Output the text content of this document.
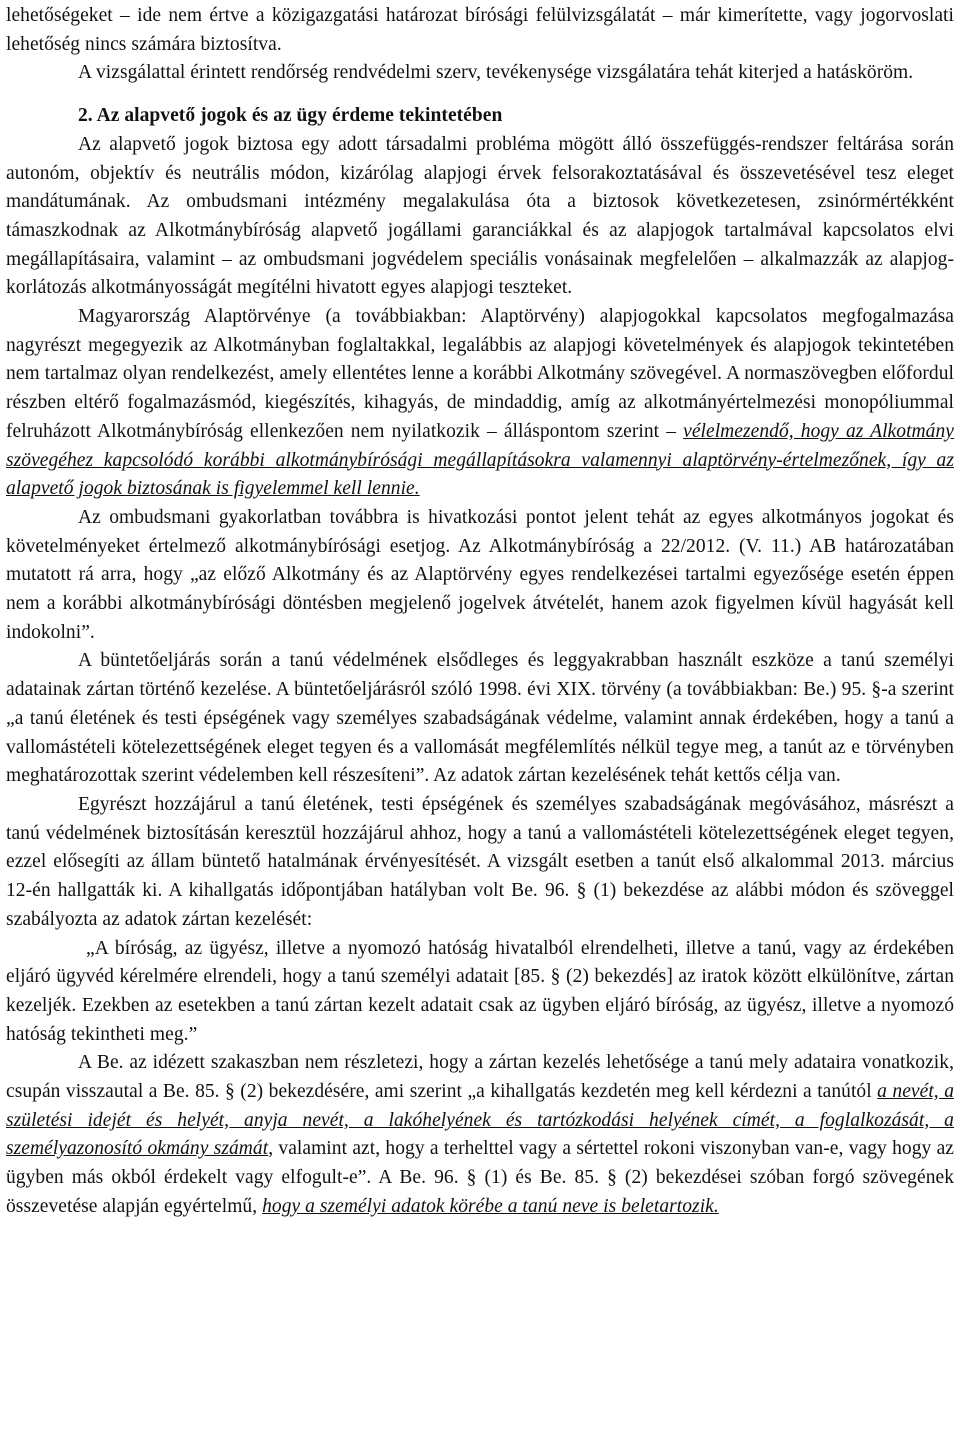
lehetőségeket – ide nem értve a közigazgatási határozat bírósági felülvizsgálatát – már kimerítette, vagy jogorvoslati lehetőség nincs számára biztosítva.

A vizsgálattal érintett rendőrség rendvédelmi szerv, tevékenysége vizsgálatára tehát kiterjed a hatásköröm.

2. Az alapvető jogok és az ügy érdeme tekintetében

Az alapvető jogok biztosa egy adott társadalmi probléma mögött álló összefüggés-rendszer feltárása során autonóm, objektív és neutrális módon, kizárólag alapjogi érvek felsorakoztatásával és összevetésével tesz eleget mandátumának. Az ombudsmani intézmény megalakulása óta a biztosok következetesen, zsinórmértékként támaszkodnak az Alkotmánybíróság alapvető jogállami garanciákkal és az alapjogok tartalmával kapcsolatos elvi megállapításaira, valamint – az ombudsmani jogvédelem speciális vonásainak megfelelően – alkalmazzák az alapjog-korlátozás alkotmányosságát megítélni hivatott egyes alapjogi teszteket.

Magyarország Alaptörvénye (a továbbiakban: Alaptörvény) alapjogokkal kapcsolatos megfogalmazása nagyrészt megegyezik az Alkotmányban foglaltakkal, legalábbis az alapjogi követelmények és alapjogok tekintetében nem tartalmaz olyan rendelkezést, amely ellentétes lenne a korábbi Alkotmány szövegével. A normaszövegben előfordul részben eltérő fogalmazásmód, kiegészítés, kihagyás, de mindaddig, amíg az alkotmányértelmezési monopóliummal felruházott Alkotmánybíróság ellenkezően nem nyilatkozik – álláspontom szerint – vélelmezendő, hogy az Alkotmány szövegéhez kapcsolódó korábbi alkotmánybírósági megállapításokra valamennyi alaptörvény-értelmezőnek, így az alapvető jogok biztosának is figyelemmel kell lennie.

Az ombudsmani gyakorlatban továbbra is hivatkozási pontot jelent tehát az egyes alkotmányos jogokat és követelményeket értelmező alkotmánybírósági esetjog. Az Alkotmánybíróság a 22/2012. (V. 11.) AB határozatában mutatott rá arra, hogy „az előző Alkotmány és az Alaptörvény egyes rendelkezései tartalmi egyezősége esetén éppen nem a korábbi alkotmánybírósági döntésben megjelenő jogelvek átvételét, hanem azok figyelmen kívül hagyását kell indokolni”.

A büntetőeljárás során a tanú védelmének elsődleges és leggyakrabban használt eszköze a tanú személyi adatainak zártan történő kezelése. A büntetőeljárásról szóló 1998. évi XIX. törvény (a továbbiakban: Be.) 95. §-a szerint „a tanú életének és testi épségének vagy személyes szabadságának védelme, valamint annak érdekében, hogy a tanú a vallomástételi kötelezettségének eleget tegyen és a vallomását megfélemlítés nélkül tegye meg, a tanút az e törvényben meghatározottak szerint védelemben kell részesíteni”. Az adatok zártan kezelésének tehát kettős célja van.

Egyrészt hozzájárul a tanú életének, testi épségének és személyes szabadságának megóvásához, másrészt a tanú védelmének biztosításán keresztül hozzájárul ahhoz, hogy a tanú a vallomástételi kötelezettségének eleget tegyen, ezzel elősegíti az állam büntető hatalmának érvényesítését. A vizsgált esetben a tanút első alkalommal 2013. március 12-én hallgatták ki. A kihallgatás időpontjában hatályban volt Be. 96. § (1) bekezdése az alábbi módon és szöveggel szabályozta az adatok zártan kezelését:

„A bíróság, az ügyész, illetve a nyomozó hatóság hivatalból elrendelheti, illetve a tanú, vagy az érdekében eljáró ügyvéd kérelmére elrendeli, hogy a tanú személyi adatait [85. § (2) bekezdés] az iratok között elkülönítve, zártan kezeljék. Ezekben az esetekben a tanú zártan kezelt adatait csak az ügyben eljáró bíróság, az ügyész, illetve a nyomozó hatóság tekintheti meg.”

A Be. az idézett szakaszban nem részletezi, hogy a zártan kezelés lehetősége a tanú mely adataira vonatkozik, csupán visszautal a Be. 85. § (2) bekezdésére, ami szerint „a kihallgatás kezdetén meg kell kérdezni a tanútól a nevét, a születési idejét és helyét, anyja nevét, a lakóhelyének és tartózkodási helyének címét, a foglalkozását, a személyazonosító okmány számát, valamint azt, hogy a terhelttel vagy a sértettel rokoni viszonyban van-e, vagy hogy az ügyben más okból érdekelt vagy elfogult-e”. A Be. 96. § (1) és Be. 85. § (2) bekezdései szóban forgó szövegének összevetése alapján egyértelmű, hogy a személyi adatok körébe a tanú neve is beletartozik.
